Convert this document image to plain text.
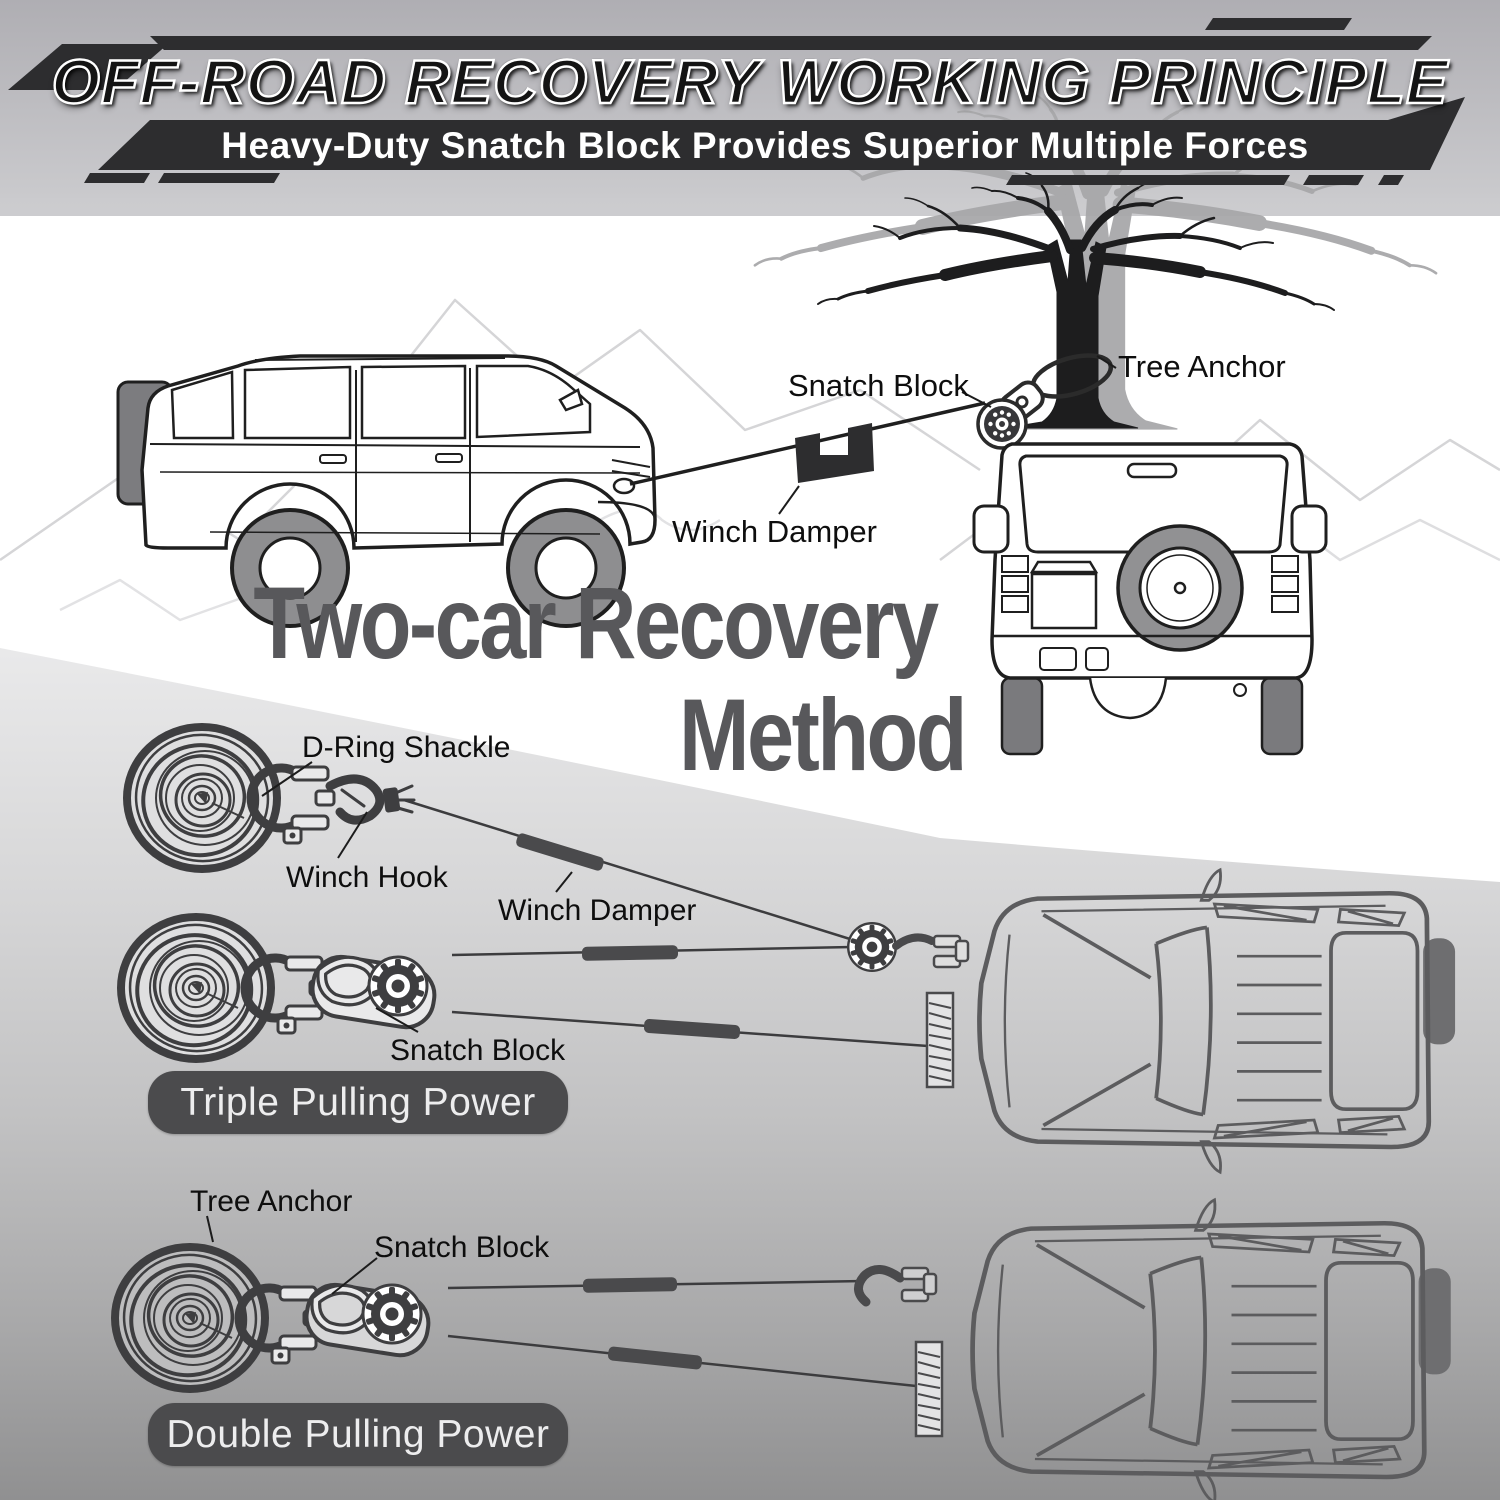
OFF-ROAD RECOVERY WORKING PRINCIPLE
Heavy-Duty Snatch Block Provides Superior Multiple Forces
Two-car Recovery
Method
Snatch Block
Tree Anchor
Winch Damper
D-Ring Shackle
Winch Hook
Winch Damper
Snatch Block
Tree Anchor
Snatch Block
Triple Pulling Power
Double Pulling Power
